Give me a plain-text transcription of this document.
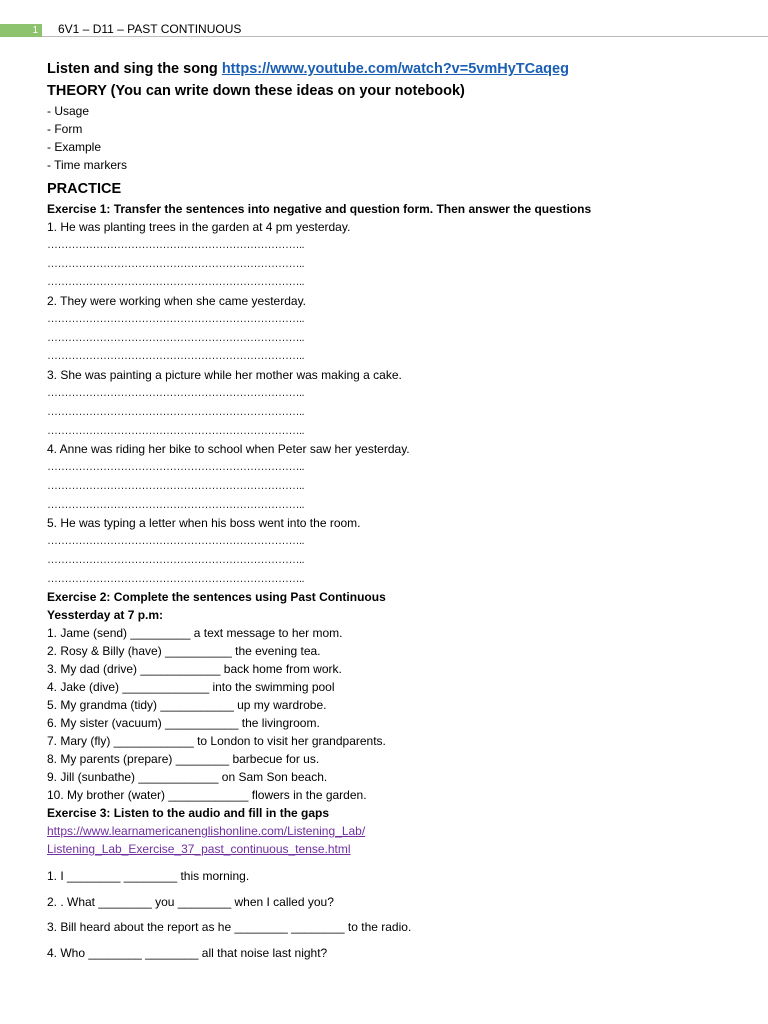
1	6V1 – D11 – PAST CONTINUOUS
Listen and sing the song https://www.youtube.com/watch?v=5vmHyTCaqeg
THEORY (You can write down these ideas on your notebook)
- Usage
- Form
- Example
- Time markers
PRACTICE
Exercise 1: Transfer the sentences into negative and question form. Then answer the questions
1. He was planting trees in the garden at 4 pm yesterday.
………………………………………………………………..
………………………………………………………………..
………………………………………………………………..
2. They were working when she came yesterday.
………………………………………………………………..
………………………………………………………………..
………………………………………………………………..
3. She was painting a picture while her mother was making a cake.
………………………………………………………………..
………………………………………………………………..
………………………………………………………………..
4. Anne was riding her bike to school when Peter saw her yesterday.
………………………………………………………………..
………………………………………………………………..
………………………………………………………………..
5. He was typing a letter when his boss went into the room.
………………………………………………………………..
………………………………………………………………..
………………………………………………………………..
Exercise 2: Complete the sentences using Past Continuous
Yessterday at 7 p.m:
1. Jame (send) _________ a text message to her mom.
2. Rosy & Billy (have) __________ the evening tea.
3. My dad (drive) ____________ back home from work.
4. Jake (dive) _____________ into the swimming pool
5. My grandma (tidy) ___________ up my wardrobe.
6. My sister (vacuum) ___________ the livingroom.
7. Mary (fly) ____________ to London to visit her grandparents.
8. My parents (prepare) ________ barbecue for us.
9. Jill (sunbathe) ____________ on Sam Son beach.
10. My brother (water) ____________ flowers in the garden.
Exercise 3: Listen to the audio and fill in the gaps
https://www.learnamericanenglishonline.com/Listening_Lab/
Listening_Lab_Exercise_37_past_continuous_tense.html
1. I ________ ________ this morning.
2. . What ________ you ________ when I called you?
3. Bill heard about the report as he ________ ________ to the radio.
4. Who ________ ________ all that noise last night?
